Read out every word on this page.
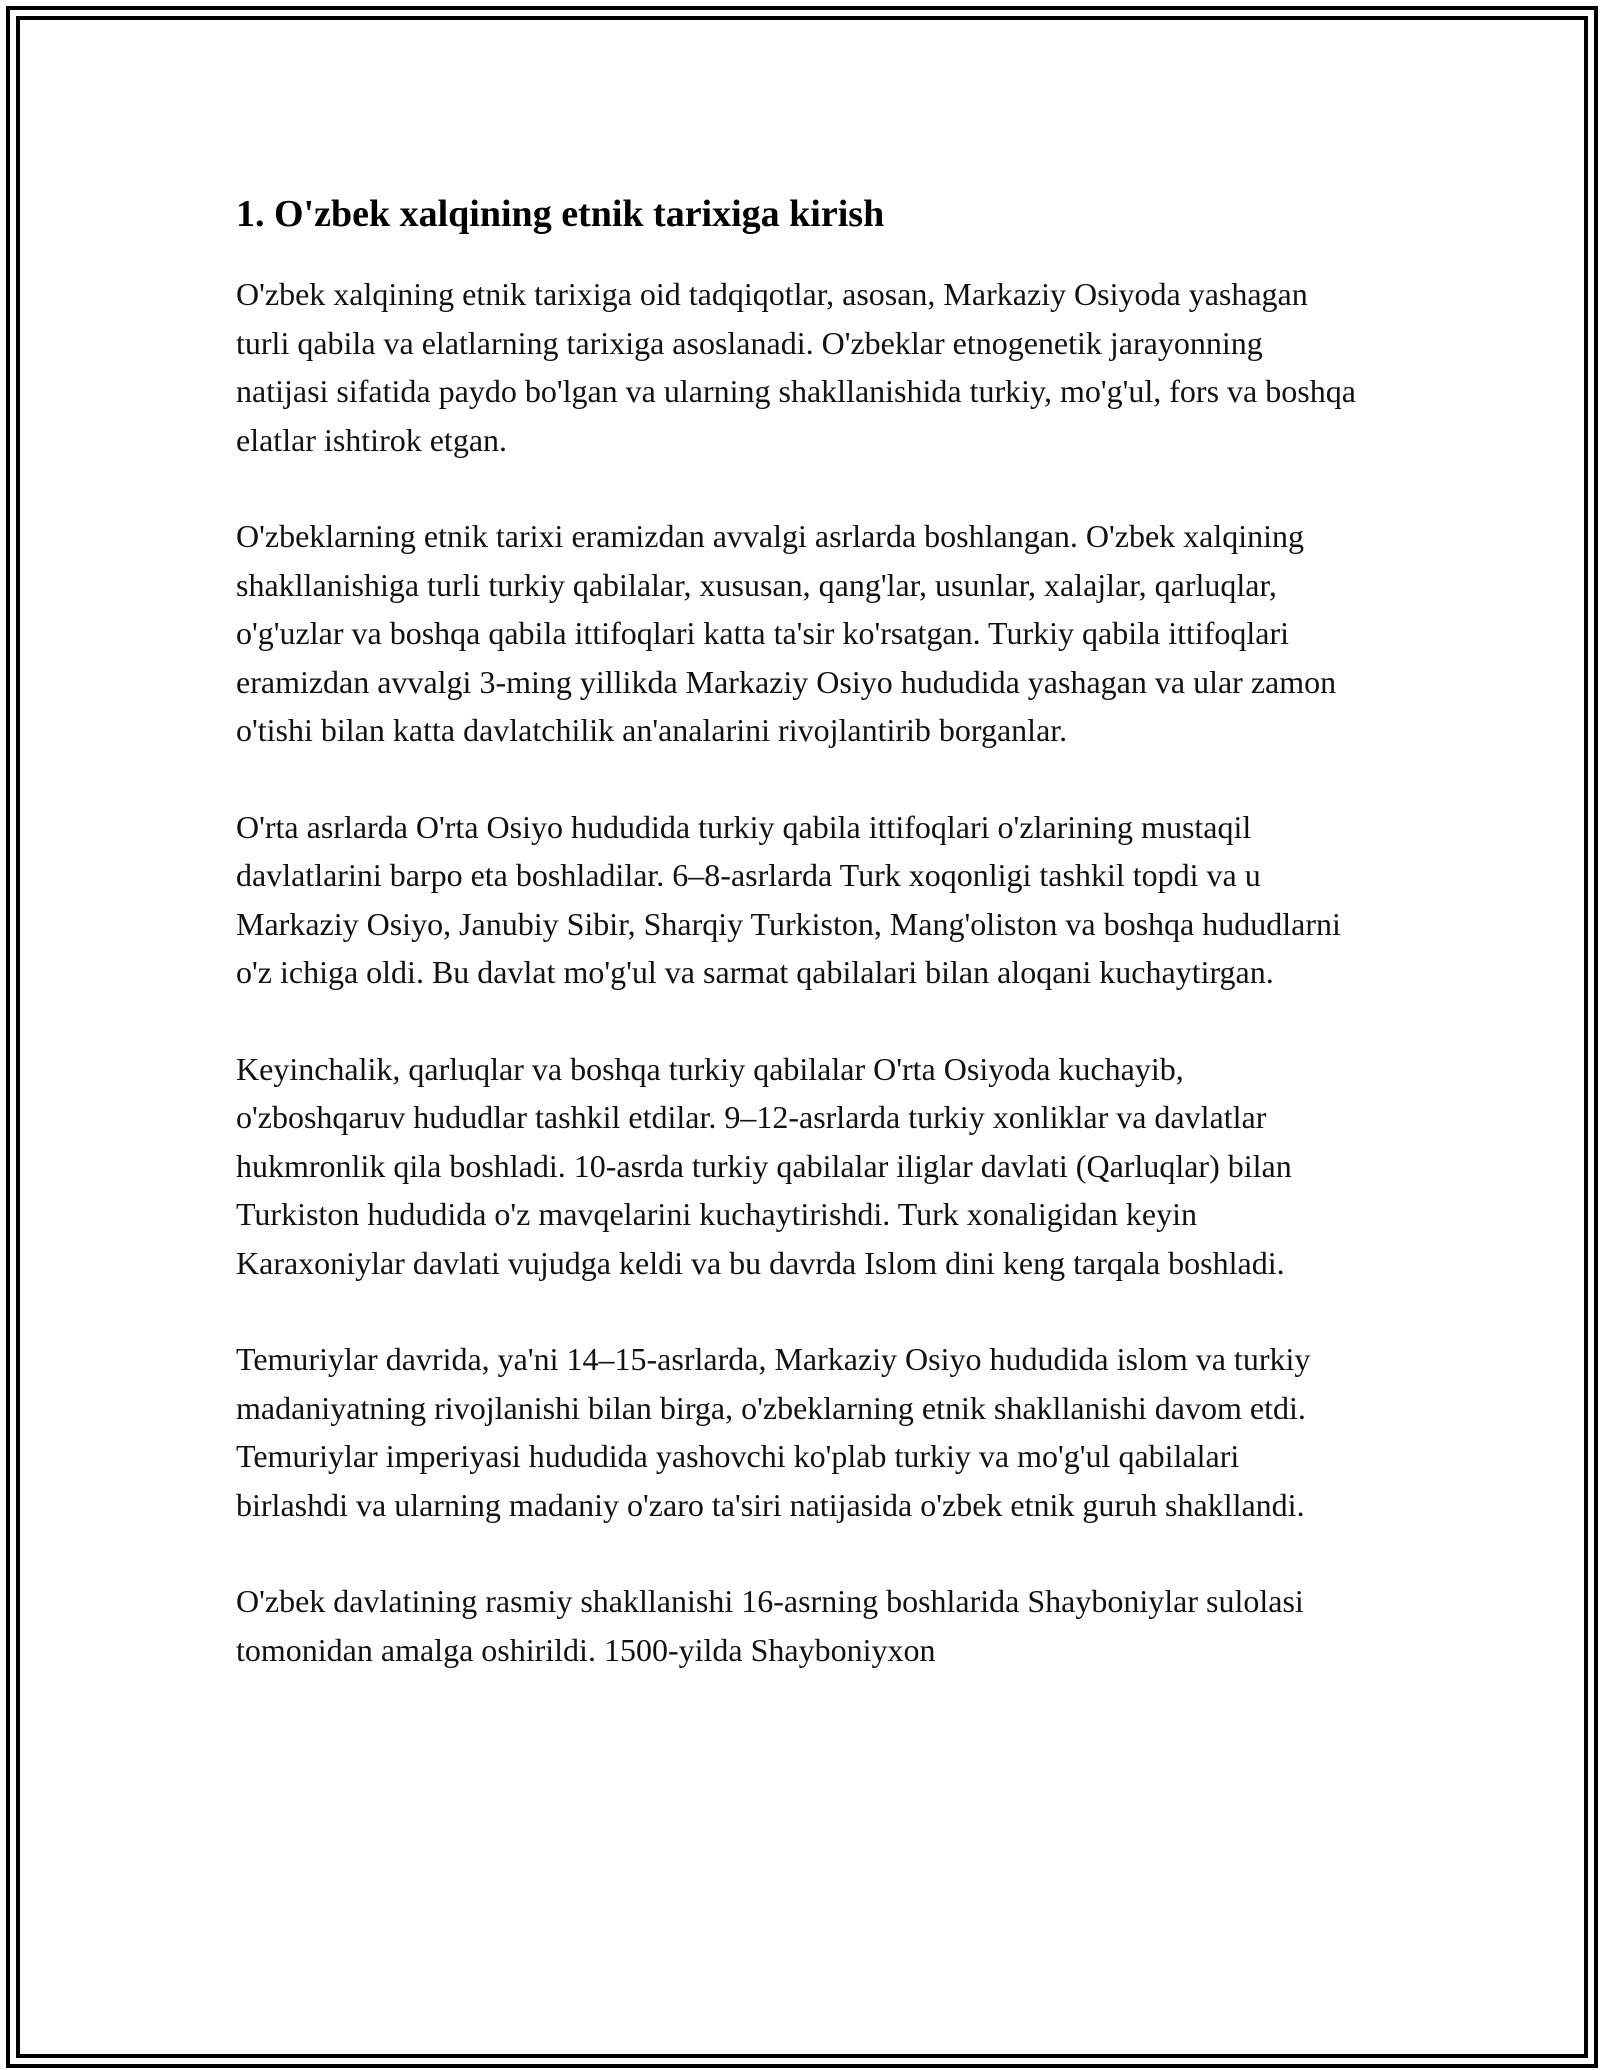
1. O'zbek xalqining etnik tarixiga kirish

O'zbek xalqining etnik tarixiga oid tadqiqotlar, asosan, Markaziy Osiyoda yashagan turli qabila va elatlarning tarixiga asoslanadi. O'zbeklar etnogenetik jarayonning natijasi sifatida paydo bo'lgan va ularning shakllanishida turkiy, mo'g'ul, fors va boshqa elatlar ishtirok etgan.

O'zbeklarning etnik tarixi eramizdan avvalgi asrlarda boshlangan. O'zbek xalqining shakllanishiga turli turkiy qabilalar, xususan, qang'lar, usunlar, xalajlar, qarluqlar, o'g'uzlar va boshqa qabila ittifoqlari katta ta'sir ko'rsatgan. Turkiy qabila ittifoqlari eramizdan avvalgi 3-ming yillikda Markaziy Osiyo hududida yashagan va ular zamon o'tishi bilan katta davlatchilik an'analarini rivojlantirib borganlar.

O'rta asrlarda O'rta Osiyo hududida turkiy qabila ittifoqlari o'zlarining mustaqil davlatlarini barpo eta boshladilar. 6–8-asrlarda Turk xoqonligi tashkil topdi va u Markaziy Osiyo, Janubiy Sibir, Sharqiy Turkiston, Mang'oliston va boshqa hududlarni o'z ichiga oldi. Bu davlat mo'g'ul va sarmat qabilalari bilan aloqani kuchaytirgan.

Keyinchalik, qarluqlar va boshqa turkiy qabilalar O'rta Osiyoda kuchayib, o'zboshqaruv hududlar tashkil etdilar. 9–12-asrlarda turkiy xonliklar va davlatlar hukmronlik qila boshladi. 10-asrda turkiy qabilalar iliglar davlati (Qarluqlar) bilan Turkiston hududida o'z mavqelarini kuchaytirishdi. Turk xonaligidan keyin Karaxoniylar davlati vujudga keldi va bu davrda Islom dini keng tarqala boshladi.

Temuriylar davrida, ya'ni 14–15-asrlarda, Markaziy Osiyo hududida islom va turkiy madaniyatning rivojlanishi bilan birga, o'zbeklarning etnik shakllanishi davom etdi. Temuriylar imperiyasi hududida yashovchi ko'plab turkiy va mo'g'ul qabilalari birlashdi va ularning madaniy o'zaro ta'siri natijasida o'zbek etnik guruh shakllandi.

O'zbek davlatining rasmiy shakllanishi 16-asrning boshlarida Shayboniylar sulolasi tomonidan amalga oshirildi. 1500-yilda Shayboniyxon
